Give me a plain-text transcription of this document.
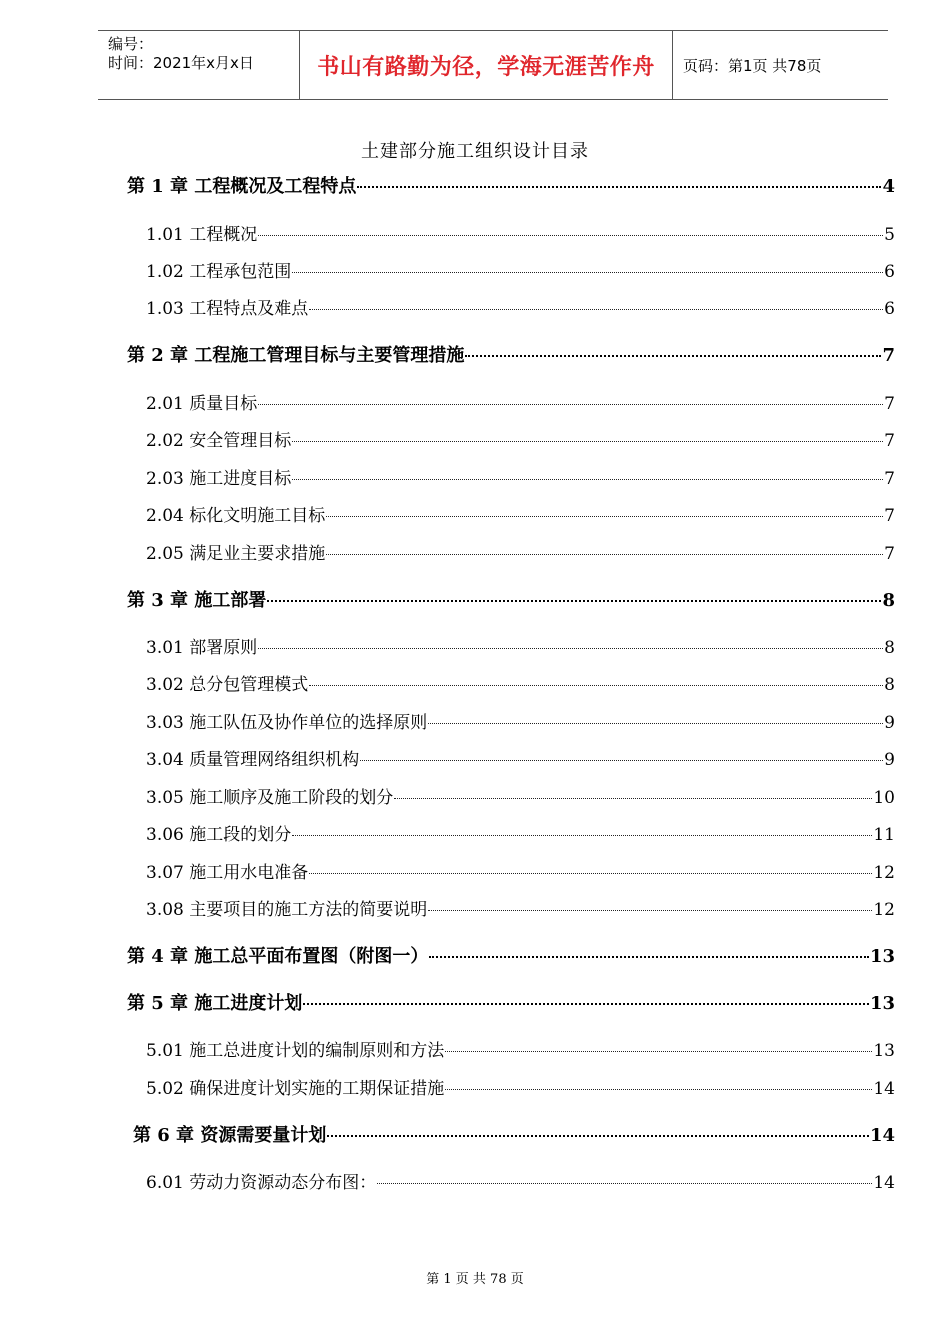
编号：
时间：2021年x月x日	书山有路勤为径，学海无涯苦作舟	页码：第1页 共78页
土建部分施工组织设计目录
第 1 章 工程概况及工程特点	4
1.01 工程概况	5
1.02 工程承包范围	6
1.03 工程特点及难点	6
第 2 章 工程施工管理目标与主要管理措施	7
2.01 质量目标	7
2.02 安全管理目标	7
2.03 施工进度目标	7
2.04 标化文明施工目标	7
2.05 满足业主要求措施	7
第 3 章 施工部署	8
3.01 部署原则	8
3.02 总分包管理模式	8
3.03 施工队伍及协作单位的选择原则	9
3.04 质量管理网络组织机构	9
3.05 施工顺序及施工阶段的划分	10
3.06 施工段的划分	11
3.07 施工用水电准备	12
3.08 主要项目的施工方法的简要说明	12
第 4 章 施工总平面布置图（附图一）	13
第 5 章 施工进度计划	13
5.01 施工总进度计划的编制原则和方法	13
5.02 确保进度计划实施的工期保证措施	14
第 6 章 资源需要量计划	14
6.01 劳动力资源动态分布图：	14
第 1 页 共 78 页
